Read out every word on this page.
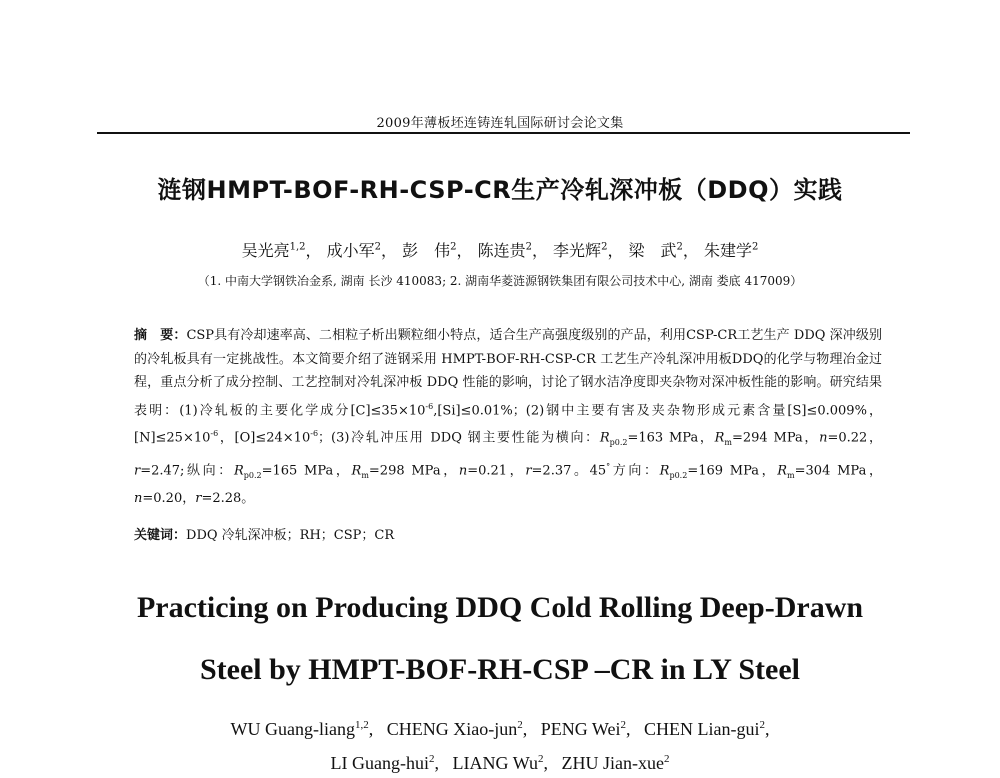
2009年薄板坯连铸连轧国际研讨会论文集
涟钢HMPT-BOF-RH-CSP-CR生产冷轧深冲板（DDQ）实践
吴光亮$^{1,2}$， 成小军$^2$， 彭　伟$^2$， 陈连贵$^2$， 李光辉$^2$， 梁　武$^2$， 朱建学$^2$
（1. 中南大学钢铁冶金系, 湖南 长沙 410083; 2. 湖南华菱涟源钢铁集团有限公司技术中心, 湖南 娄底 417009）
摘　要：CSP具有冷却速率高、二相粒子析出颗粒细小特点，适合生产高强度级别的产品，利用CSP-CR工艺生产 DDQ 深冲级别的冷轧板具有一定挑战性。本文简要介绍了涟钢采用 HMPT-BOF-RH-CSP-CR 工艺生产冷轧深冲用板DDQ的化学与物理冶金过程，重点分析了成分控制、工艺控制对冷轧深冲板 DDQ 性能的影响，讨论了钢水洁净度即夹杂物对深冲板性能的影响。研究结果表明：(1)冷轧板的主要化学成分$[C]\le 35\times 10^{-6},[Si]\le 0.01\%$；(2)钢中主要有害及夹杂物形成元素含量[S]≤0.009%，$[N]\le 25\times 10^{-6}$，$[O]\le 24\times 10^{-6}$；(3)冷轧冲压用 DDQ 钢主要性能为横向：$R_{p0.2}=163$ MPa，$R_m=294$ MPa，n=0.22，r=2.47;纵向：$R_{p0.2}=165$ MPa，$R_m=298$ MPa，n=0.21，r=2.37。45°方向：$R_{p0.2}=169$ MPa，$R_m=304$ MPa，n=0.20，r=2.28。
关键词：DDQ 冷轧深冲板；RH；CSP；CR
Practicing on Producing DDQ Cold Rolling Deep-Drawn
Steel by HMPT-BOF-RH-CSP –CR in LY Steel
WU Guang-liang$^{1,2}$,   CHENG Xiao-jun$^2$,   PENG Wei$^2$,   CHEN Lian-gui$^2$,
LI Guang-hui$^2$,   LIANG Wu$^2$,   ZHU Jian-xue$^2$
